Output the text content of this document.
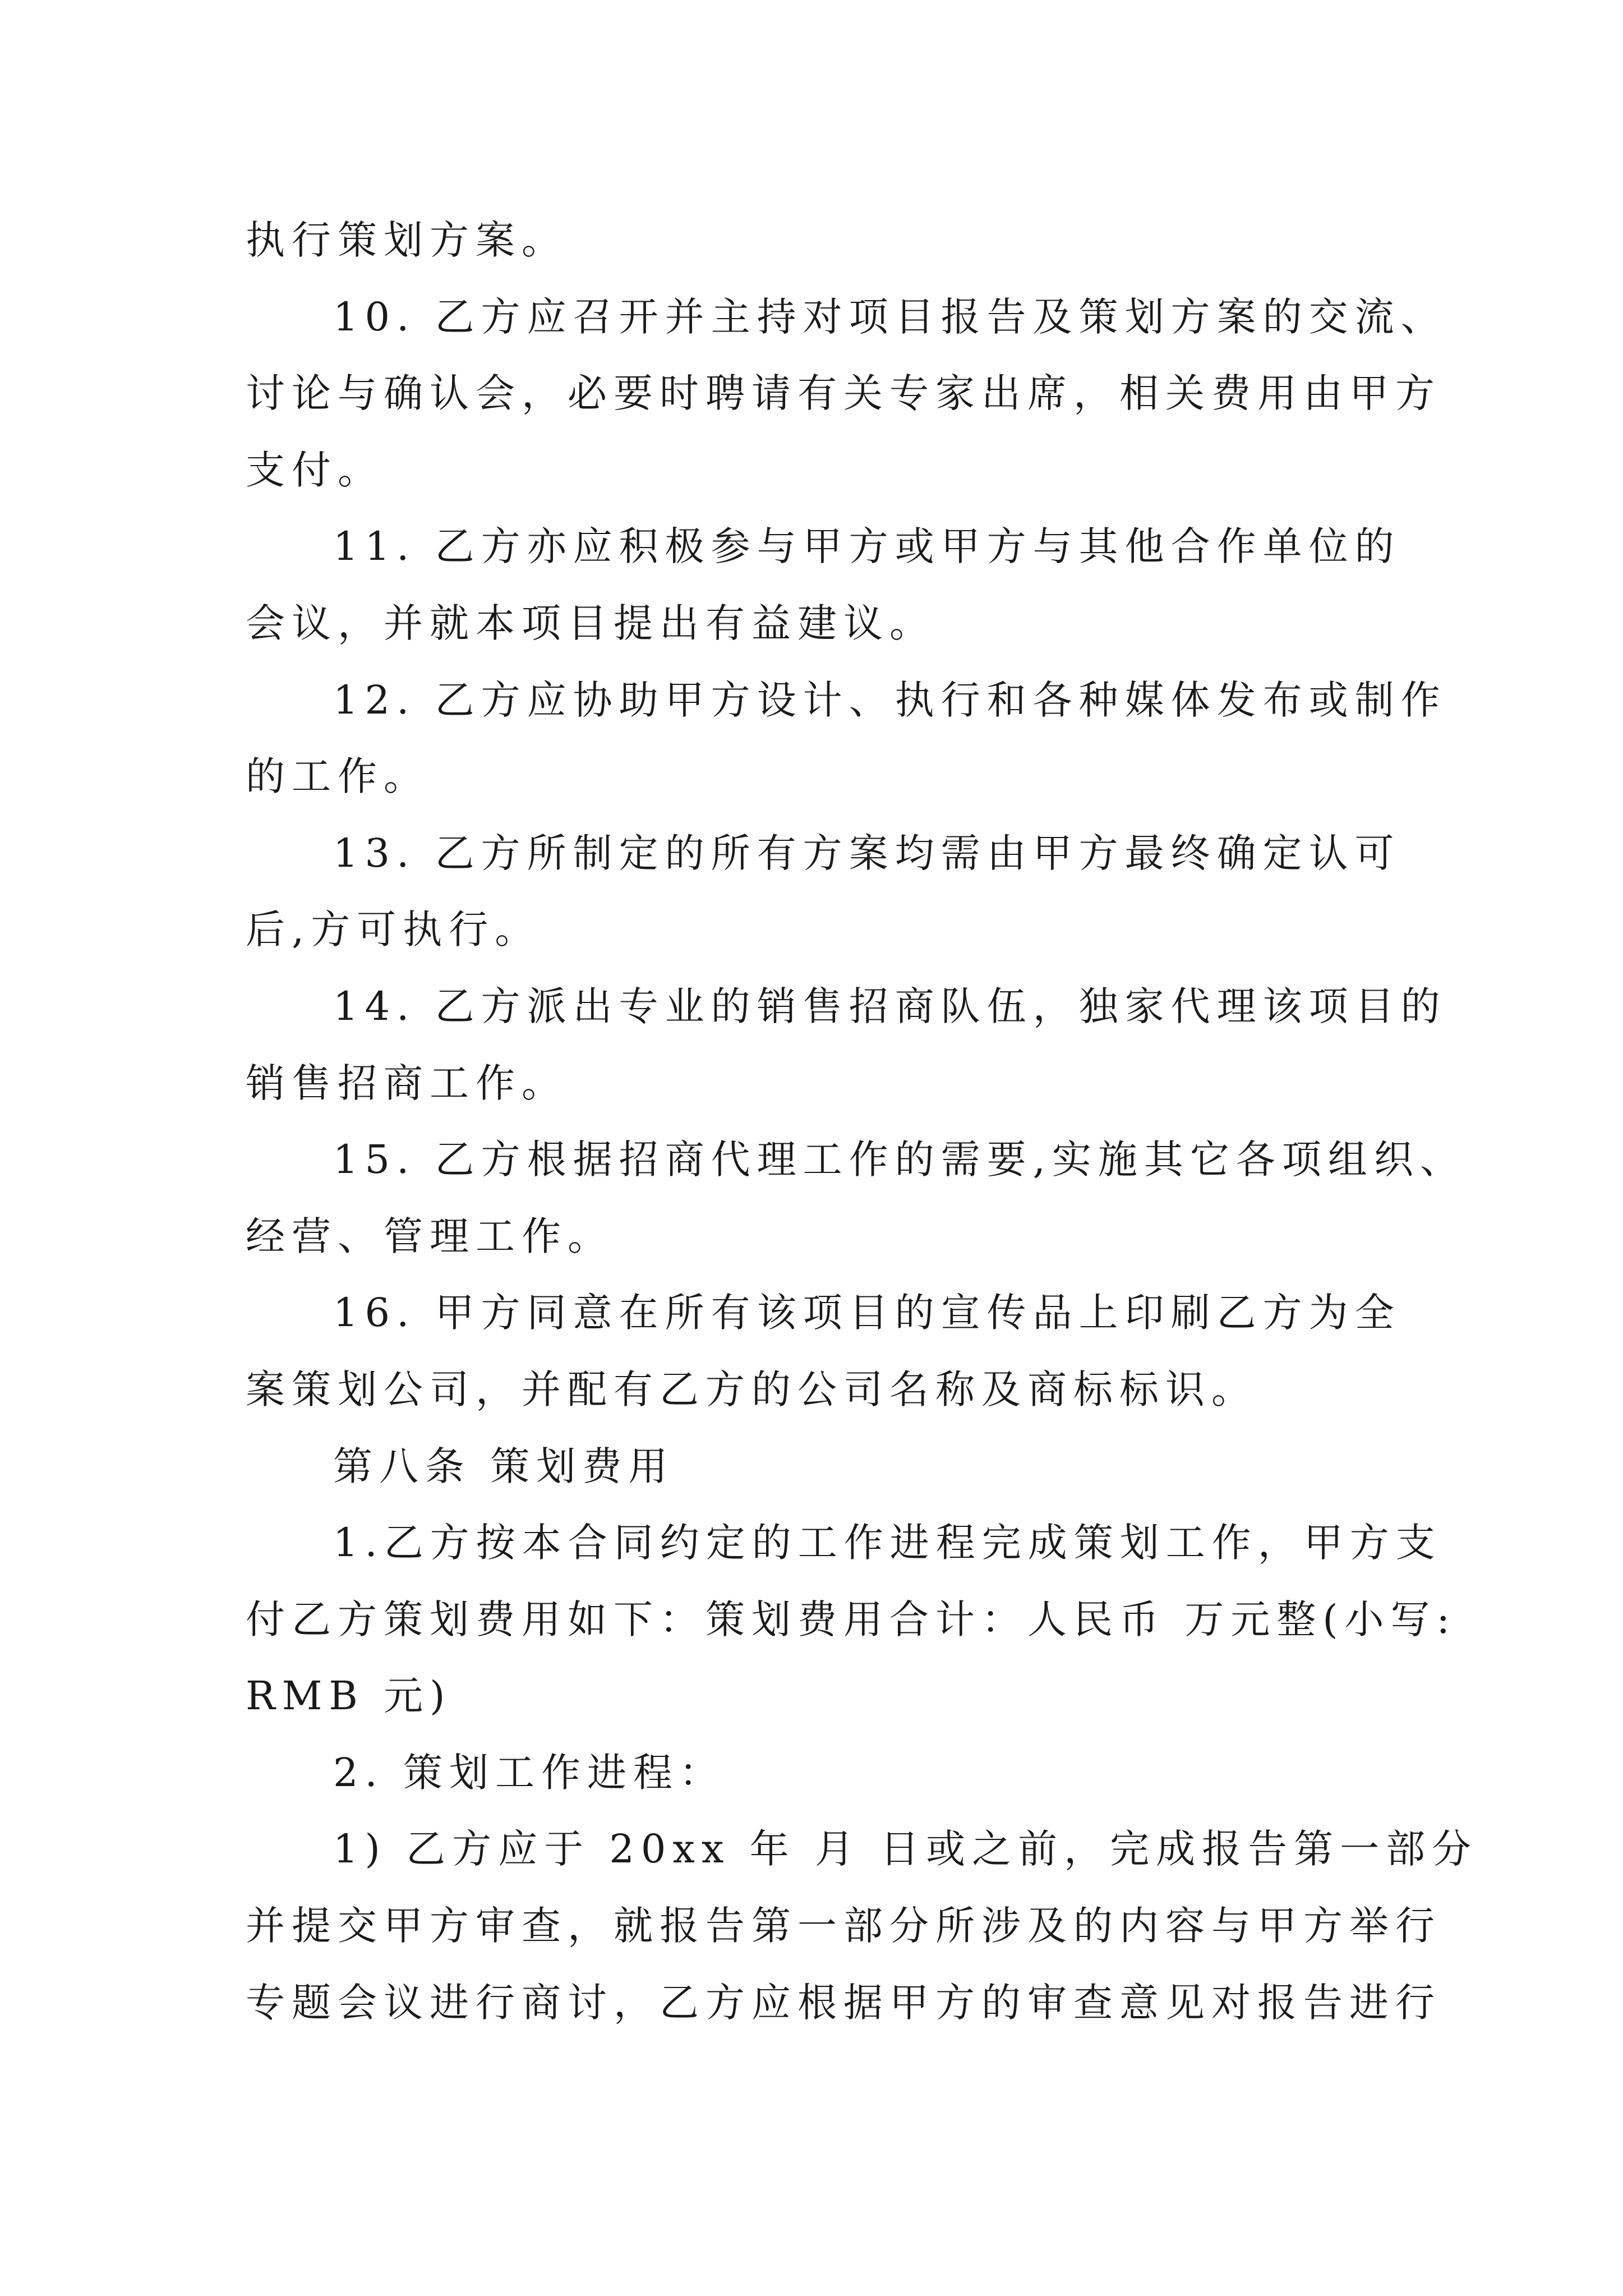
执行策划方案。

10. 乙方应召开并主持对项目报告及策划方案的交流、
讨论与确认会，必要时聘请有关专家出席，相关费用由甲方
支付。

11. 乙方亦应积极参与甲方或甲方与其他合作单位的
会议，并就本项目提出有益建议。

12. 乙方应协助甲方设计、执行和各种媒体发布或制作
的工作。

13. 乙方所制定的所有方案均需由甲方最终确定认可
后,方可执行。

14. 乙方派出专业的销售招商队伍，独家代理该项目的
销售招商工作。

15. 乙方根据招商代理工作的需要,实施其它各项组织、
经营、管理工作。

16. 甲方同意在所有该项目的宣传品上印刷乙方为全
案策划公司，并配有乙方的公司名称及商标标识。

第八条 策划费用

1.乙方按本合同约定的工作进程完成策划工作，甲方支
付乙方策划费用如下：策划费用合计：人民币 万元整(小写:
RMB 元)

2. 策划工作进程：

1) 乙方应于 20xx 年 月 日或之前，完成报告第一部分
并提交甲方审查，就报告第一部分所涉及的内容与甲方举行
专题会议进行商讨，乙方应根据甲方的审查意见对报告进行
